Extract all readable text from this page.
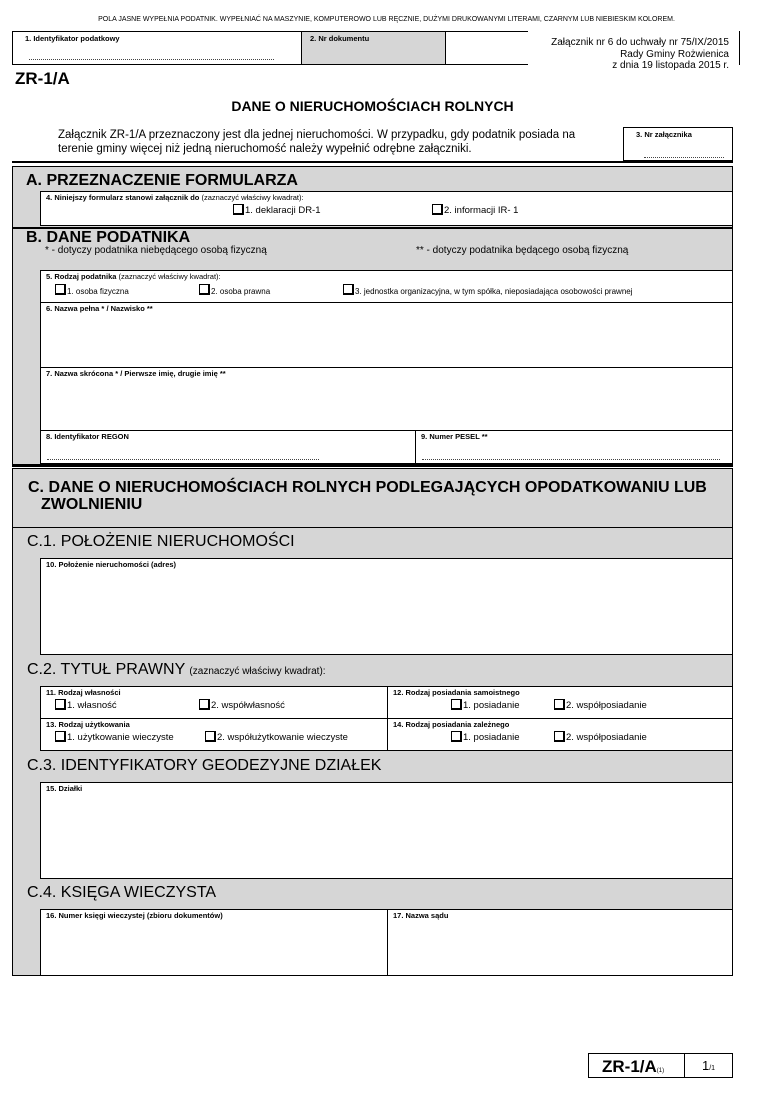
POLA JASNE WYPEŁNIA PODATNIK. WYPEŁNIAĆ NA MASZYNIE, KOMPUTEROWO LUB RĘCZNIE, DUŻYMI DRUKOWANYMI LITERAMI, CZARNYM LUB NIEBIESKIM KOLOREM.
1. Identyfikator podatkowy	2. Nr dokumentu	Załącznik nr 6 do uchwały nr 75/IX/2015
Rady Gminy Rożwienica
z dnia 19 listopada 2015 r.
ZR-1/A
DANE O NIERUCHOMOŚCIACH ROLNYCH
Załącznik ZR-1/A przeznaczony jest dla jednej nieruchomości. W przypadku, gdy podatnik posiada na
terenie gminy więcej niż jedną nieruchomość należy wypełnić odrębne załączniki.
3. Nr załącznika
A. PRZEZNACZENIE FORMULARZA
4. Niniejszy formularz stanowi załącznik do (zaznaczyć właściwy kwadrat):
1. deklaracji DR-1	2. informacji IR- 1
B. DANE PODATNIKA
* - dotyczy podatnika niebędącego osobą fizyczną	** - dotyczy podatnika będącego osobą fizyczną
5. Rodzaj podatnika (zaznaczyć właściwy kwadrat):
1. osoba fizyczna	2. osoba prawna	3. jednostka organizacyjna, w tym spółka, nieposiadająca osobowości prawnej
6. Nazwa pełna * / Nazwisko **
7. Nazwa skrócona * / Pierwsze imię, drugie imię **
8. Identyfikator REGON	9. Numer PESEL **
C. DANE O NIERUCHOMOŚCIACH ROLNYCH PODLEGAJĄCYCH OPODATKOWANIU LUB
ZWOLNIENIU
C.1. POŁOŻENIE NIERUCHOMOŚCI
10. Położenie nieruchomości (adres)
C.2. TYTUŁ PRAWNY (zaznaczyć właściwy kwadrat):
11. Rodzaj własności
1. własność	2. współwłasność
12. Rodzaj posiadania samoistnego
1. posiadanie	2. współposiadanie
13. Rodzaj użytkowania
1. użytkowanie wieczyste	2. współużytkowanie wieczyste
14. Rodzaj posiadania zależnego
1. posiadanie	2. współposiadanie
C.3. IDENTYFIKATORY GEODEZYJNE DZIAŁEK
15. Działki
C.4. KSIĘGA WIECZYSTA
16. Numer księgi wieczystej (zbioru dokumentów)	17. Nazwa sądu
ZR-1/A(1)	1/1
